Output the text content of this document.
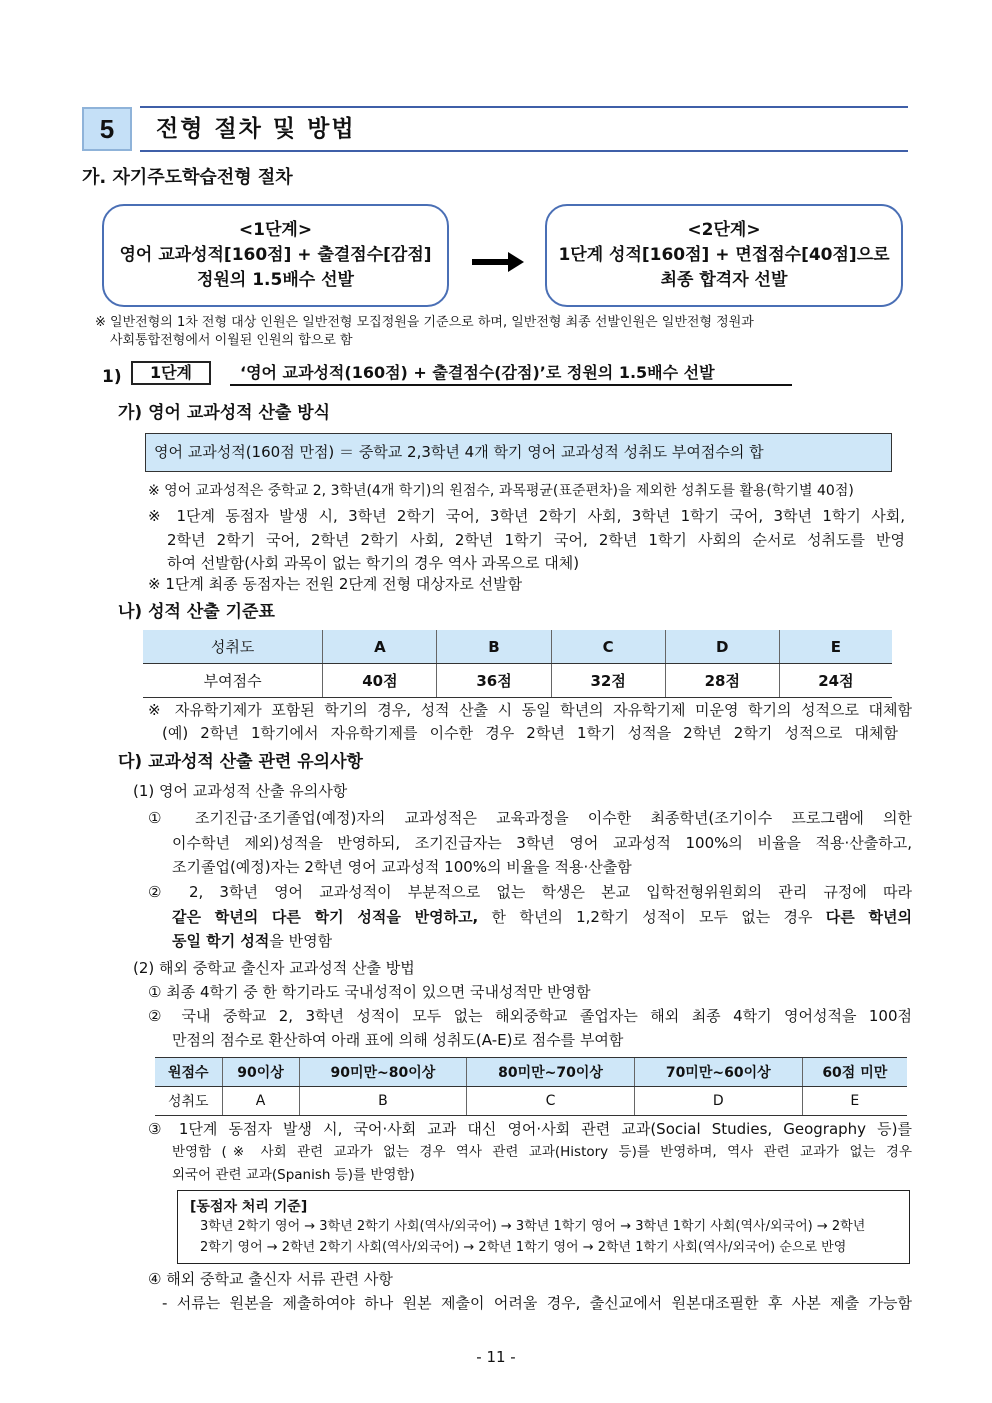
5	전형 절차 및 방법
가. 자기주도학습전형 절차
<1단계>
영어 교과성적[160점] + 출결점수[감점]
정원의 1.5배수 선발
<2단계>
1단계 성적[160점] + 면접점수[40점]으로
최종 합격자 선발
※ 일반전형의 1차 전형 대상 인원은 일반전형 모집정원을 기준으로 하며, 일반전형 최종 선발인원은 일반전형 정원과
사회통합전형에서 이월된 인원의 합으로 함
1)	1단계	‘영어 교과성적(160점) + 출결점수(감점)’로 정원의 1.5배수 선발
가) 영어 교과성적 산출 방식
영어 교과성적(160점 만점) ＝ 중학교 2,3학년 4개 학기 영어 교과성적 성취도 부여점수의 합
※ 영어 교과성적은 중학교 2, 3학년(4개 학기)의 원점수, 과목평균(표준편차)을 제외한 성취도를 활용(학기별 40점)
※ 1단계 동점자 발생 시, 3학년 2학기 국어, 3학년 2학기 사회, 3학년 1학기 국어, 3학년 1학기 사회,
2학년 2학기 국어, 2학년 2학기 사회, 2학년 1학기 국어, 2학년 1학기 사회의 순서로 성취도를 반영
하여 선발함(사회 과목이 없는 학기의 경우 역사 과목으로 대체)
※ 1단계 최종 동점자는 전원 2단계 전형 대상자로 선발함
나) 성적 산출 기준표
성취도	A	B	C	D	E
부여점수	40점	36점	32점	28점	24점
※ 자유학기제가 포함된 학기의 경우, 성적 산출 시 동일 학년의 자유학기제 미운영 학기의 성적으로 대체함
(예) 2학년 1학기에서 자유학기제를 이수한 경우 2학년 1학기 성적을 2학년 2학기 성적으로 대체함
다) 교과성적 산출 관련 유의사항
(1) 영어 교과성적 산출 유의사항
① 조기진급·조기졸업(예정)자의 교과성적은 교육과정을 이수한 최종학년(조기이수 프로그램에 의한
이수학년 제외)성적을 반영하되, 조기진급자는 3학년 영어 교과성적 100%의 비율을 적용·산출하고,
조기졸업(예정)자는 2학년 영어 교과성적 100%의 비율을 적용·산출함
② 2, 3학년 영어 교과성적이 부분적으로 없는 학생은 본교 입학전형위원회의 관리 규정에 따라
같은 학년의 다른 학기 성적을 반영하고, 한 학년의 1,2학기 성적이 모두 없는 경우 다른 학년의
동일 학기 성적을 반영함
(2) 해외 중학교 출신자 교과성적 산출 방법
① 최종 4학기 중 한 학기라도 국내성적이 있으면 국내성적만 반영함
② 국내 중학교 2, 3학년 성적이 모두 없는 해외중학교 졸업자는 해외 최종 4학기 영어성적을 100점
만점의 점수로 환산하여 아래 표에 의해 성취도(A-E)로 점수를 부여함
원점수	90이상	90미만~80이상	80미만~70이상	70미만~60이상	60점 미만
성취도	A	B	C	D	E
③ 1단계 동점자 발생 시, 국어·사회 교과 대신 영어·사회 관련 교과(Social Studies, Geography 등)를
반영함 (※ 사회 관련 교과가 없는 경우 역사 관련 교과(History 등)를 반영하며, 역사 관련 교과가 없는 경우
외국어 관련 교과(Spanish 등)를 반영함)
[동점자 처리 기준]
3학년 2학기 영어 → 3학년 2학기 사회(역사/외국어) → 3학년 1학기 영어 → 3학년 1학기 사회(역사/외국어) → 2학년
2학기 영어 → 2학년 2학기 사회(역사/외국어) → 2학년 1학기 영어 → 2학년 1학기 사회(역사/외국어) 순으로 반영
④ 해외 중학교 출신자 서류 관련 사항
- 서류는 원본을 제출하여야 하나 원본 제출이 어려울 경우, 출신교에서 원본대조필한 후 사본 제출 가능함
- 11 -
